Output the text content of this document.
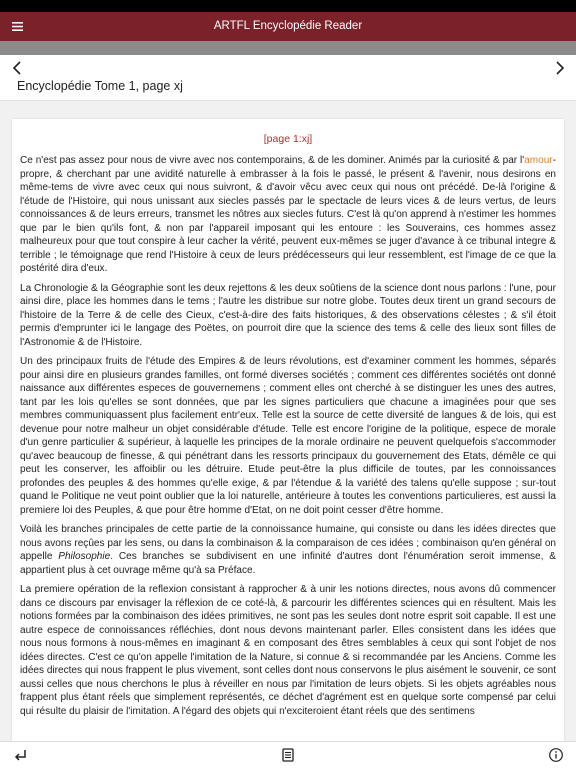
ARTFL Encyclopédie Reader
Encyclopédie Tome 1, page xj
[page 1:xj]

Ce n'est pas assez pour nous de vivre avec nos contemporains, & de les dominer. Animés par la curiosité & par l'amour-propre, & cherchant par une avidité naturelle à embrasser à la fois le passé, le présent & l'avenir, nous desirons en même-tems de vivre avec ceux qui nous suivront, & d'avoir vêcu avec ceux qui nous ont précédé. De-là l'origine & l'étude de l'Histoire, qui nous unissant aux siecles passés par le spectacle de leurs vices & de leurs vertus, de leurs connoissances & de leurs erreurs, transmet les nôtres aux siecles futurs. C'est là qu'on apprend à n'estimer les hommes que par le bien qu'ils font, & non par l'appareil imposant qui les entoure : les Souverains, ces hommes assez malheureux pour que tout conspire à leur cacher la vérité, peuvent eux-mêmes se juger d'avance à ce tribunal integre & terrible ; le témoignage que rend l'Histoire à ceux de leurs prédécesseurs qui leur ressemblent, est l'image de ce que la postérité dira d'eux.

La Chronologie & la Géographie sont les deux rejettons & les deux soûtiens de la science dont nous parlons : l'une, pour ainsi dire, place les hommes dans le tems ; l'autre les distribue sur notre globe. Toutes deux tirent un grand secours de l'histoire de la Terre & de celle des Cieux, c'est-à-dire des faits historiques, & des observations célestes ; & s'il étoit permis d'emprunter ici le langage des Poëtes, on pourroit dire que la science des tems & celle des lieux sont filles de l'Astronomie & de l'Histoire.

Un des principaux fruits de l'étude des Empires & de leurs révolutions, est d'examiner comment les hommes, séparés pour ainsi dire en plusieurs grandes familles, ont formé diverses sociétés ; comment ces différentes sociétés ont donné naissance aux différentes especes de gouvernemens ; comment elles ont cherché à se distinguer les unes des autres, tant par les lois qu'elles se sont données, que par les signes particuliers que chacune a imaginées pour que ses membres communiquassent plus facilement entr'eux. Telle est la source de cette diversité de langues & de lois, qui est devenue pour notre malheur un objet considérable d'étude. Telle est encore l'origine de la politique, espece de morale d'un genre particulier & supérieur, à laquelle les principes de la morale ordinaire ne peuvent quelquefois s'accommoder qu'avec beaucoup de finesse, & qui pénétrant dans les ressorts principaux du gouvernement des Etats, démêle ce qui peut les conserver, les affoiblir ou les détruire. Etude peut-être la plus difficile de toutes, par les connoissances profondes des peuples & des hommes qu'elle exige, & par l'étendue & la variété des talens qu'elle suppose ; sur-tout quand le Politique ne veut point oublier que la loi naturelle, antérieure à toutes les conventions particulieres, est aussi la premiere loi des Peuples, & que pour être homme d'Etat, on ne doit point cesser d'être homme.

Voilà les branches principales de cette partie de la connoissance humaine, qui consiste ou dans les idées directes que nous avons reçûes par les sens, ou dans la combinaison & la comparaison de ces idées ; combinaison qu'en général on appelle Philosophie. Ces branches se subdivisent en une infinité d'autres dont l'énumération seroit immense, & appartient plus à cet ouvrage même qu'à sa Préface.

La premiere opération de la reflexion consistant à rapprocher & à unir les notions directes, nous avons dû commencer dans ce discours par envisager la réflexion de ce coté-là, & parcourir les différentes sciences qui en résultent. Mais les notions formées par la combinaison des idées primitives, ne sont pas les seules dont notre esprit soit capable. Il est une autre espece de connoissances réfléchies, dont nous devons maintenant parler. Elles consistent dans les idées que nous nous formons à nous-mêmes en imaginant & en composant des êtres semblables à ceux qui sont l'objet de nos idées directes. C'est ce qu'on appelle l'imitation de la Nature, si connue & si recommandée par les Anciens. Comme les idées directes qui nous frappent le plus vivement, sont celles dont nous conservons le plus aisément le souvenir, ce sont aussi celles que nous cherchons le plus à réveiller en nous par l'imitation de leurs objets. Si les objets agréables nous frappent plus étant réels que simplement représentés, ce déchet d'agrément est en quelque sorte compensé par celui qui résulte du plaisir de l'imitation. A l'égard des objets qui n'exciteroient étant réels que des sentimens
